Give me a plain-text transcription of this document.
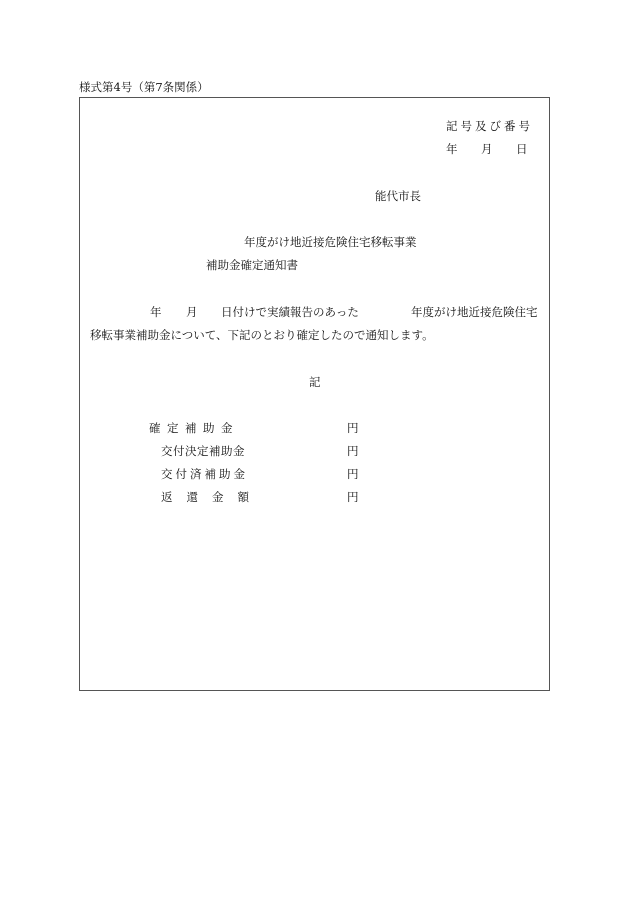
様式第4号（第7条関係）
記号及び番号
年 月 日
能代市長
年度がけ地近接危険住宅移転事業
補助金確定通知書
年 月 日付けで実績報告のあった	年度がけ地近接危険住宅
移転事業補助金について、下記のとおり確定したので通知します。
記
確定補助金	円
交付決定補助金	円
交付済補助金	円
返還金額	円
